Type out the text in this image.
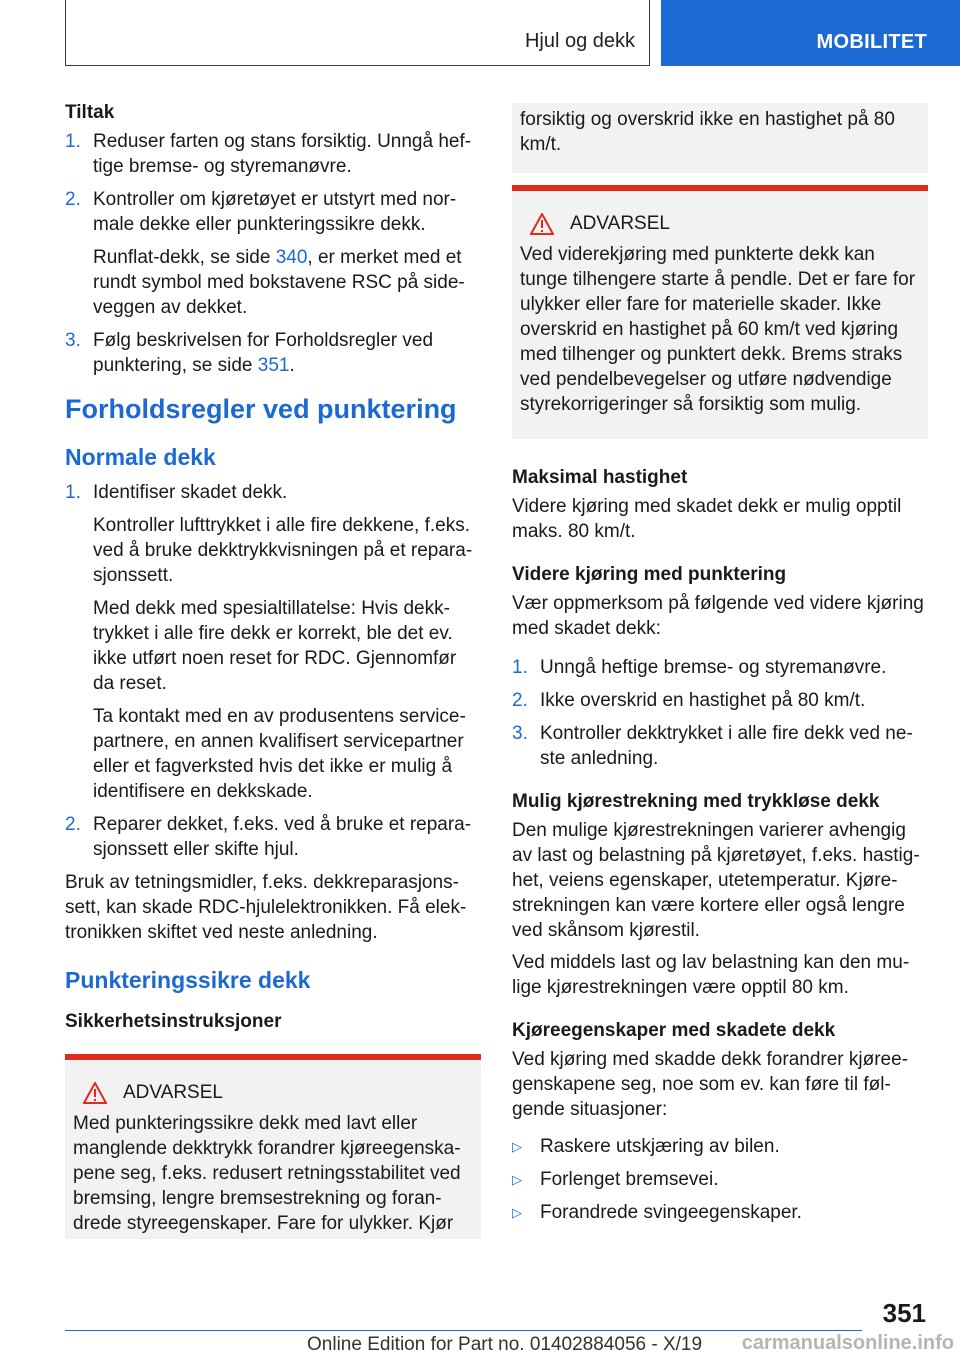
Hjul og dekk	MOBILITET
Tiltak
1. Reduser farten og stans forsiktig. Unngå heftige bremse- og styremanøvre.
2. Kontroller om kjøretøyet er utstyrt med normale dekke eller punkteringssikre dekk.
Runflat-dekk, se side 340, er merket med et rundt symbol med bokstavene RSC på sideveggen av dekket.
3. Følg beskrivelsen for Forholdsregler ved punktering, se side 351.
Forholdsregler ved punktering
Normale dekk
1. Identifiser skadet dekk.
Kontroller lufttrykket i alle fire dekkene, f.eks. ved å bruke dekktrykkvisningen på et reparasjonssett.
Med dekk med spesialtillatelse: Hvis dekktrykket i alle fire dekk er korrekt, ble det ev. ikke utført noen reset for RDC. Gjennomfør da reset.
Ta kontakt med en av produsentens servicepartnere, en annen kvalifisert servicepartner eller et fagverksted hvis det ikke er mulig å identifisere en dekkskade.
2. Reparer dekket, f.eks. ved å bruke et reparasjonssett eller skifte hjul.
Bruk av tetningsmidler, f.eks. dekkreparasjonssett, kan skade RDC-hjulelektronikken. Få elektronikken skiftet ved neste anledning.
Punkteringssikre dekk
Sikkerhetsinstruksjoner
ADVARSEL
Med punkteringssikre dekk med lavt eller manglende dekktrykk forandrer kjøreegenskapene seg, f.eks. redusert retningsstabilitet ved bremsing, lengre bremsestrekning og forandrede styreegenskaper. Fare for ulykker. Kjør
forsiktig og overskrid ikke en hastighet på 80 km/t.
ADVARSEL
Ved viderekjøring med punkterte dekk kan tunge tilhengere starte å pendle. Det er fare for ulykker eller fare for materielle skader. Ikke overskrid en hastighet på 60 km/t ved kjøring med tilhenger og punktert dekk. Brems straks ved pendelbevegelser og utføre nødvendige styrekorrigeringer så forsiktig som mulig.
Maksimal hastighet
Videre kjøring med skadet dekk er mulig opptil maks. 80 km/t.
Videre kjøring med punktering
Vær oppmerksom på følgende ved videre kjøring med skadet dekk:
1. Unngå heftige bremse- og styremanøvre.
2. Ikke overskrid en hastighet på 80 km/t.
3. Kontroller dekktrykket i alle fire dekk ved neste anledning.
Mulig kjørestrekning med trykkløse dekk
Den mulige kjørestrekningen varierer avhengig av last og belastning på kjøretøyet, f.eks. hastighet, veiens egenskaper, utetemperatur. Kjørestrekningen kan være kortere eller også lengre ved skånsom kjørestil.
Ved middels last og lav belastning kan den mulige kjørestrekningen være opptil 80 km.
Kjøreegenskaper med skadete dekk
Ved kjøring med skadde dekk forandrer kjøreegenskapene seg, noe som ev. kan føre til følgende situasjoner:
▷ Raskere utskjæring av bilen.
▷ Forlenget bremsevei.
▷ Forandrede svingeegenskaper.
351
Online Edition for Part no. 01402884056 - X/19 carmanualsonline.info
